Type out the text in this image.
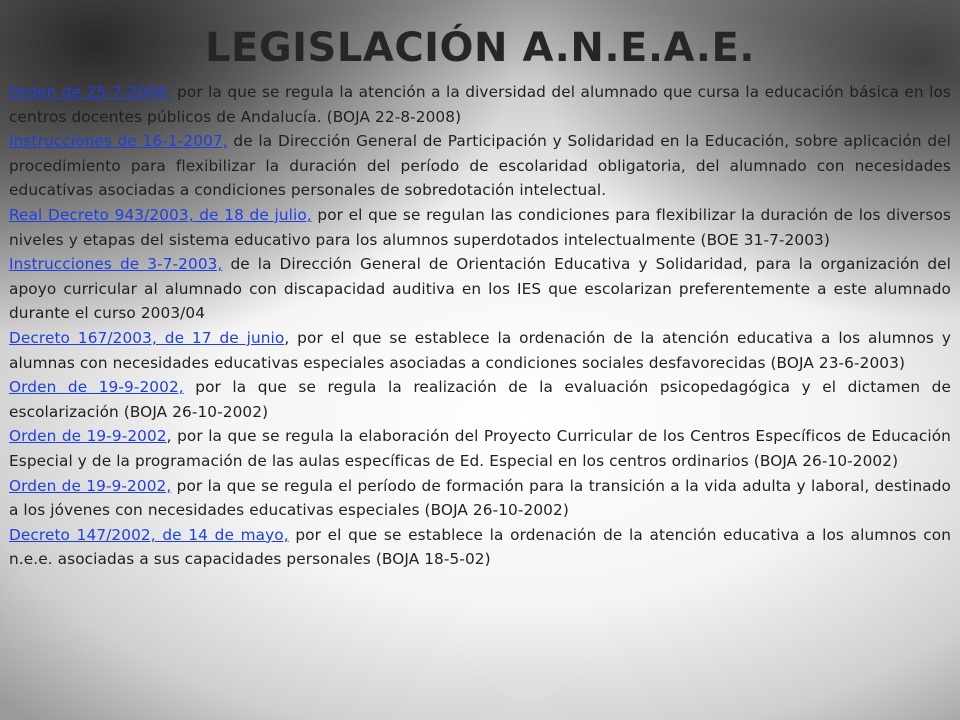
LEGISLACIÓN A.N.E.A.E.

Orden de 25-7-2008, por la que se regula la atención a la diversidad del alumnado que cursa la educación básica en los centros docentes públicos de Andalucía. (BOJA 22-8-2008)

Instrucciones de 16-1-2007, de la Dirección General de Participación y Solidaridad en la Educación, sobre aplicación del procedimiento para flexibilizar la duración del período de escolaridad obligatoria, del alumnado con necesidades educativas asociadas a condiciones personales de sobredotación intelectual.

Real Decreto 943/2003, de 18 de julio, por el que se regulan las condiciones para flexibilizar la duración de los diversos niveles y etapas del sistema educativo para los alumnos superdotados intelectualmente (BOE 31-7-2003)

Instrucciones de 3-7-2003, de la Dirección General de Orientación Educativa y Solidaridad, para la organización del apoyo curricular al alumnado con discapacidad auditiva en los IES que escolarizan preferentemente a este alumnado durante el curso 2003/04

Decreto 167/2003, de 17 de junio, por el que se establece la ordenación de la atención educativa a los alumnos y alumnas con necesidades educativas especiales asociadas a condiciones sociales desfavorecidas (BOJA 23-6-2003)

Orden de 19-9-2002, por la que se regula la realización de la evaluación psicopedagógica y el dictamen de escolarización (BOJA 26-10-2002)

Orden de 19-9-2002, por la que se regula la elaboración del Proyecto Curricular de los Centros Específicos de Educación Especial y de la programación de las aulas específicas de Ed. Especial en los centros ordinarios (BOJA 26-10-2002)

Orden de 19-9-2002, por la que se regula el período de formación para la transición a la vida adulta y laboral, destinado a los jóvenes con necesidades educativas especiales (BOJA 26-10-2002)

Decreto 147/2002, de 14 de mayo, por el que se establece la ordenación de la atención educativa a los alumnos con n.e.e. asociadas a sus capacidades personales (BOJA 18-5-02)
